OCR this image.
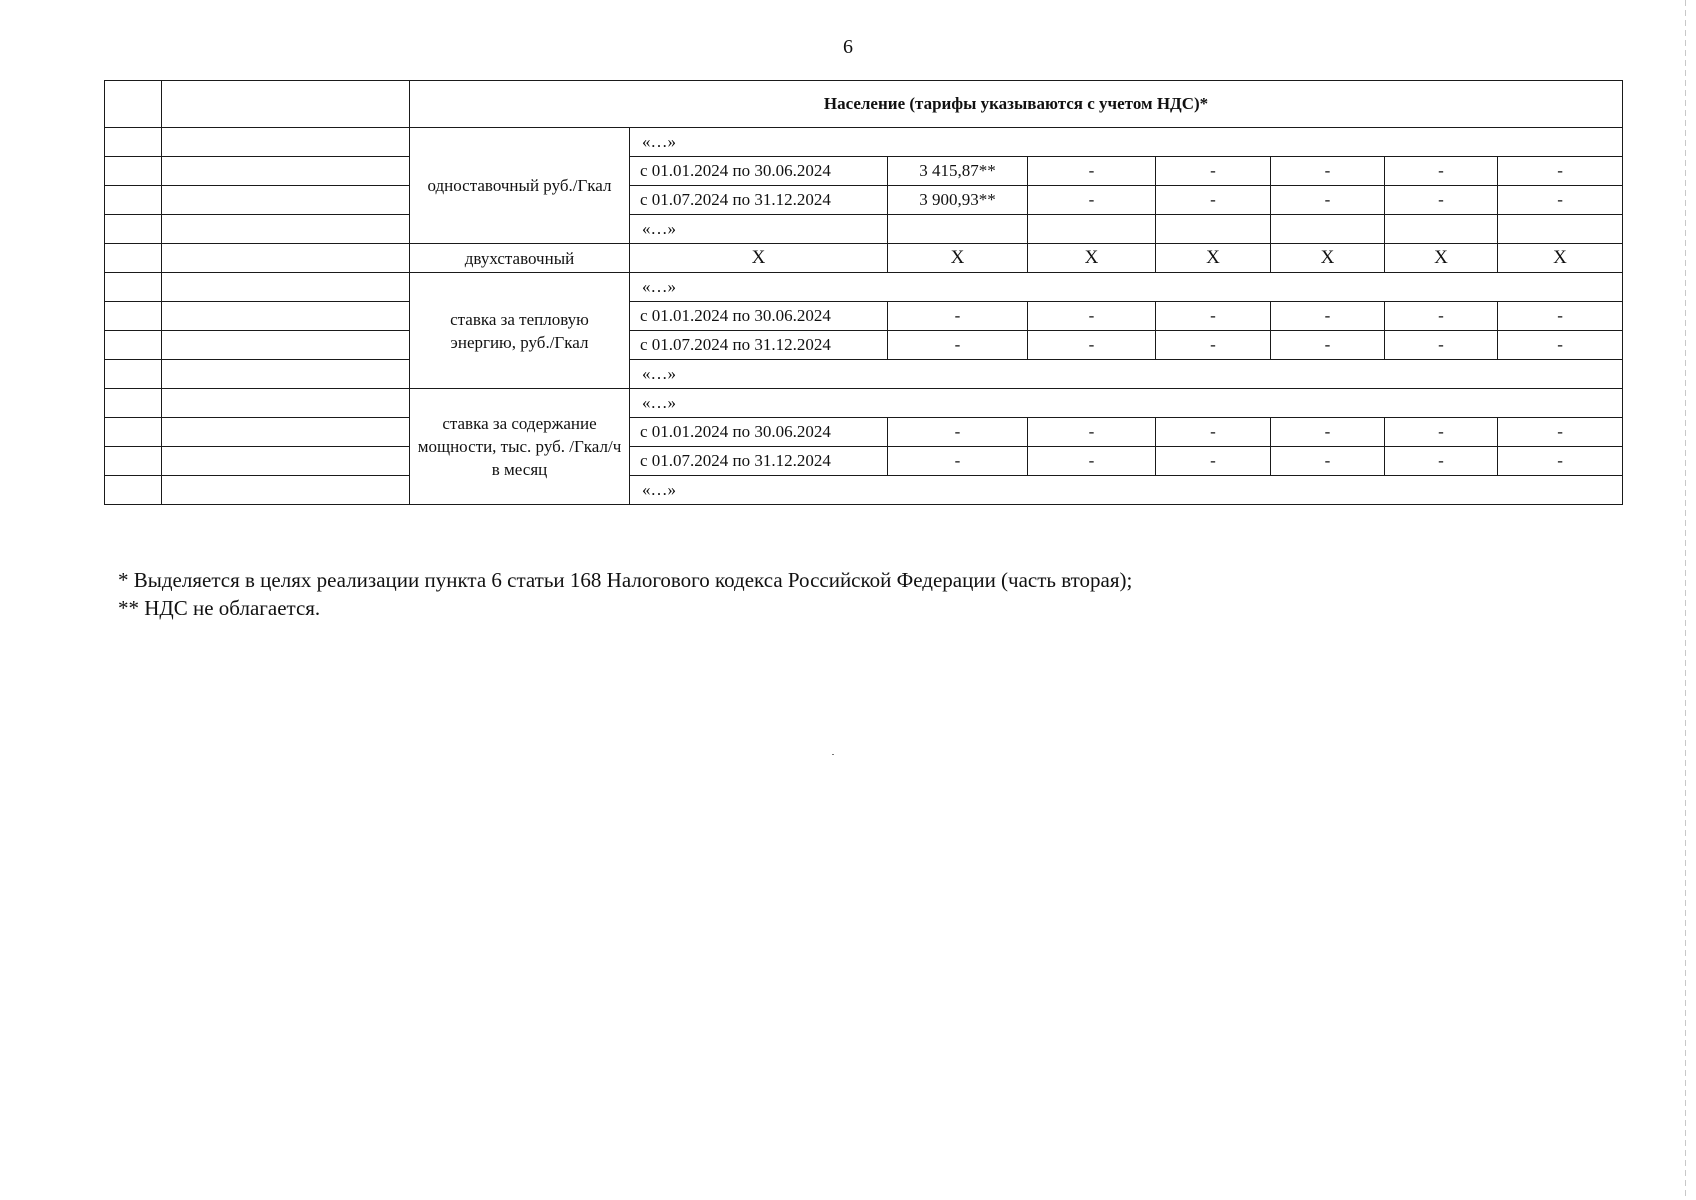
6
		Население (тарифы указываются с учетом НДС)*							
		одноставочный руб./Гкал	«…»						
			с 01.01.2024 по 30.06.2024	3 415,87**	-	-	-	-	-
			с 01.07.2024 по 31.12.2024	3 900,93**	-	-	-	-	-
			«…»						
		двухставочный	X	X	X	X	X	X	X
		ставка за тепловую энергию, руб./Гкал	«…»						
			с 01.01.2024 по 30.06.2024	-	-	-	-	-	-
			с 01.07.2024 по 31.12.2024	-	-	-	-	-	-
			«…»						
		ставка за содержание мощности, тыс. руб. /Гкал/ч в месяц	«…»						
			с 01.01.2024 по 30.06.2024	-	-	-	-	-	-
			с 01.07.2024 по 31.12.2024	-	-	-	-	-	-
			«…»						
* Выделяется в целях реализации пункта 6 статьи 168 Налогового кодекса Российской Федерации (часть вторая);
** НДС не облагается.
